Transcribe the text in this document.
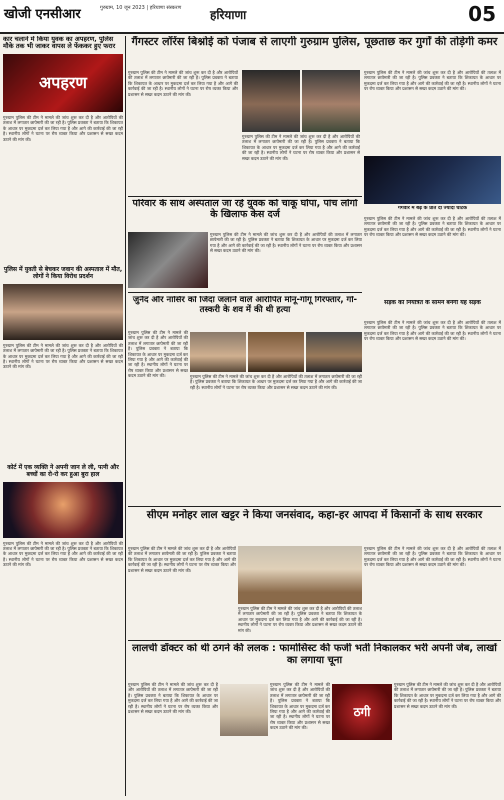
खोजी एनसीआर	गुरुग्राम, 10 जून 2023 | हरियाणा संस्करण	हरियाणा	05
कार चलाने में किया युवक का अपहरण, पुलिस मौके तक भी जाकर वापस ले फेंककर हुए फरार
अपहरण
गुरुग्राम पुलिस की टीम ने मामले की जांच शुरू कर दी है और आरोपियों की तलाश में लगातार छापेमारी की जा रही है। पुलिस प्रवक्ता ने बताया कि शिकायत के आधार पर मुकदमा दर्ज कर लिया गया है और आगे की कार्रवाई की जा रही है। स्थानीय लोगों ने घटना पर रोष व्यक्त किया और प्रशासन से सख्त कदम उठाने की मांग की।
पुलिस में युवती से बेचकर जवान की अस्पताल में मौत, लोगों ने किया विरोध प्रदर्शन
गुरुग्राम पुलिस की टीम ने मामले की जांच शुरू कर दी है और आरोपियों की तलाश में लगातार छापेमारी की जा रही है। पुलिस प्रवक्ता ने बताया कि शिकायत के आधार पर मुकदमा दर्ज कर लिया गया है और आगे की कार्रवाई की जा रही है। स्थानीय लोगों ने घटना पर रोष व्यक्त किया और प्रशासन से सख्त कदम उठाने की मांग की।
कोर्ट में एक व्यक्ति ने अपनी जान ले ली, पत्नी और बच्चों का रो-रो कर हुआ बुरा हाल
गुरुग्राम पुलिस की टीम ने मामले की जांच शुरू कर दी है और आरोपियों की तलाश में लगातार छापेमारी की जा रही है। पुलिस प्रवक्ता ने बताया कि शिकायत के आधार पर मुकदमा दर्ज कर लिया गया है और आगे की कार्रवाई की जा रही है। स्थानीय लोगों ने घटना पर रोष व्यक्त किया और प्रशासन से सख्त कदम उठाने की मांग की।
गैंगस्टर लॉरेंस बिश्नोई को पंजाब से लाएगी गुरुग्राम पुलिस, पूछताछ कर गुर्गों की तोड़ेगी कमर
गुरुग्राम पुलिस की टीम ने मामले की जांच शुरू कर दी है और आरोपियों की तलाश में लगातार छापेमारी की जा रही है। पुलिस प्रवक्ता ने बताया कि शिकायत के आधार पर मुकदमा दर्ज कर लिया गया है और आगे की कार्रवाई की जा रही है। स्थानीय लोगों ने घटना पर रोष व्यक्त किया और प्रशासन से सख्त कदम उठाने की मांग की।
गुरुग्राम पुलिस की टीम ने मामले की जांच शुरू कर दी है और आरोपियों की तलाश में लगातार छापेमारी की जा रही है। पुलिस प्रवक्ता ने बताया कि शिकायत के आधार पर मुकदमा दर्ज कर लिया गया है और आगे की कार्रवाई की जा रही है। स्थानीय लोगों ने घटना पर रोष व्यक्त किया और प्रशासन से सख्त कदम उठाने की मांग की।
गुरुग्राम पुलिस की टीम ने मामले की जांच शुरू कर दी है और आरोपियों की तलाश में लगातार छापेमारी की जा रही है। पुलिस प्रवक्ता ने बताया कि शिकायत के आधार पर मुकदमा दर्ज कर लिया गया है और आगे की कार्रवाई की जा रही है। स्थानीय लोगों ने घटना पर रोष व्यक्त किया और प्रशासन से सख्त कदम उठाने की मांग की।
परिवार के साथ अस्पताल जा रहे युवक को चाकू घोंपा, पांच लोगों के खिलाफ केस दर्ज
गुरुग्राम पुलिस की टीम ने मामले की जांच शुरू कर दी है और आरोपियों की तलाश में लगातार छापेमारी की जा रही है। पुलिस प्रवक्ता ने बताया कि शिकायत के आधार पर मुकदमा दर्ज कर लिया गया है और आगे की कार्रवाई की जा रही है। स्थानीय लोगों ने घटना पर रोष व्यक्त किया और प्रशासन से सख्त कदम उठाने की मांग की।
गैंगवार में बढ़ के प्रति दो ज्यादा घाटक
गुरुग्राम पुलिस की टीम ने मामले की जांच शुरू कर दी है और आरोपियों की तलाश में लगातार छापेमारी की जा रही है। पुलिस प्रवक्ता ने बताया कि शिकायत के आधार पर मुकदमा दर्ज कर लिया गया है और आगे की कार्रवाई की जा रही है। स्थानीय लोगों ने घटना पर रोष व्यक्त किया और प्रशासन से सख्त कदम उठाने की मांग की।
जुनैद और नासिर को जिंदा जलाने वाले आरोपित मोनू-गोगू गिरफ्तार, गो-तस्करी के शव में की थी हत्या
गुरुग्राम पुलिस की टीम ने मामले की जांच शुरू कर दी है और आरोपियों की तलाश में लगातार छापेमारी की जा रही है। पुलिस प्रवक्ता ने बताया कि शिकायत के आधार पर मुकदमा दर्ज कर लिया गया है और आगे की कार्रवाई की जा रही है। स्थानीय लोगों ने घटना पर रोष व्यक्त किया और प्रशासन से सख्त कदम उठाने की मांग की।	गुरुग्राम पुलिस की टीम ने मामले की जांच शुरू कर दी है और आरोपियों की तलाश में लगातार छापेमारी की जा रही है। पुलिस प्रवक्ता ने बताया कि शिकायत के आधार पर मुकदमा दर्ज कर लिया गया है और आगे की कार्रवाई की जा रही है। स्थानीय लोगों ने घटना पर रोष व्यक्त किया और प्रशासन से सख्त कदम उठाने की मांग की।
सड़क को नियंत्रित के सामने बनेगी यह सड़क
गुरुग्राम पुलिस की टीम ने मामले की जांच शुरू कर दी है और आरोपियों की तलाश में लगातार छापेमारी की जा रही है। पुलिस प्रवक्ता ने बताया कि शिकायत के आधार पर मुकदमा दर्ज कर लिया गया है और आगे की कार्रवाई की जा रही है। स्थानीय लोगों ने घटना पर रोष व्यक्त किया और प्रशासन से सख्त कदम उठाने की मांग की।
सीएम मनोहर लाल खट्टर ने किया जनसंवाद, कहा-हर आपदा में किसानों के साथ सरकार
गुरुग्राम पुलिस की टीम ने मामले की जांच शुरू कर दी है और आरोपियों की तलाश में लगातार छापेमारी की जा रही है। पुलिस प्रवक्ता ने बताया कि शिकायत के आधार पर मुकदमा दर्ज कर लिया गया है और आगे की कार्रवाई की जा रही है। स्थानीय लोगों ने घटना पर रोष व्यक्त किया और प्रशासन से सख्त कदम उठाने की मांग की।
गुरुग्राम पुलिस की टीम ने मामले की जांच शुरू कर दी है और आरोपियों की तलाश में लगातार छापेमारी की जा रही है। पुलिस प्रवक्ता ने बताया कि शिकायत के आधार पर मुकदमा दर्ज कर लिया गया है और आगे की कार्रवाई की जा रही है। स्थानीय लोगों ने घटना पर रोष व्यक्त किया और प्रशासन से सख्त कदम उठाने की मांग की।
गुरुग्राम पुलिस की टीम ने मामले की जांच शुरू कर दी है और आरोपियों की तलाश में लगातार छापेमारी की जा रही है। पुलिस प्रवक्ता ने बताया कि शिकायत के आधार पर मुकदमा दर्ज कर लिया गया है और आगे की कार्रवाई की जा रही है। स्थानीय लोगों ने घटना पर रोष व्यक्त किया और प्रशासन से सख्त कदम उठाने की मांग की।
लालची डॉक्टर को थी ठगने की ललक : फार्मासिस्ट की फर्जी भर्ती निकालकर भरी अपनी जेब, लाखों का लगाया चूना
गुरुग्राम पुलिस की टीम ने मामले की जांच शुरू कर दी है और आरोपियों की तलाश में लगातार छापेमारी की जा रही है। पुलिस प्रवक्ता ने बताया कि शिकायत के आधार पर मुकदमा दर्ज कर लिया गया है और आगे की कार्रवाई की जा रही है। स्थानीय लोगों ने घटना पर रोष व्यक्त किया और प्रशासन से सख्त कदम उठाने की मांग की।
गुरुग्राम पुलिस की टीम ने मामले की जांच शुरू कर दी है और आरोपियों की तलाश में लगातार छापेमारी की जा रही है। पुलिस प्रवक्ता ने बताया कि शिकायत के आधार पर मुकदमा दर्ज कर लिया गया है और आगे की कार्रवाई की जा रही है। स्थानीय लोगों ने घटना पर रोष व्यक्त किया और प्रशासन से सख्त कदम उठाने की मांग की।
ठगी
गुरुग्राम पुलिस की टीम ने मामले की जांच शुरू कर दी है और आरोपियों की तलाश में लगातार छापेमारी की जा रही है। पुलिस प्रवक्ता ने बताया कि शिकायत के आधार पर मुकदमा दर्ज कर लिया गया है और आगे की कार्रवाई की जा रही है। स्थानीय लोगों ने घटना पर रोष व्यक्त किया और प्रशासन से सख्त कदम उठाने की मांग की।
